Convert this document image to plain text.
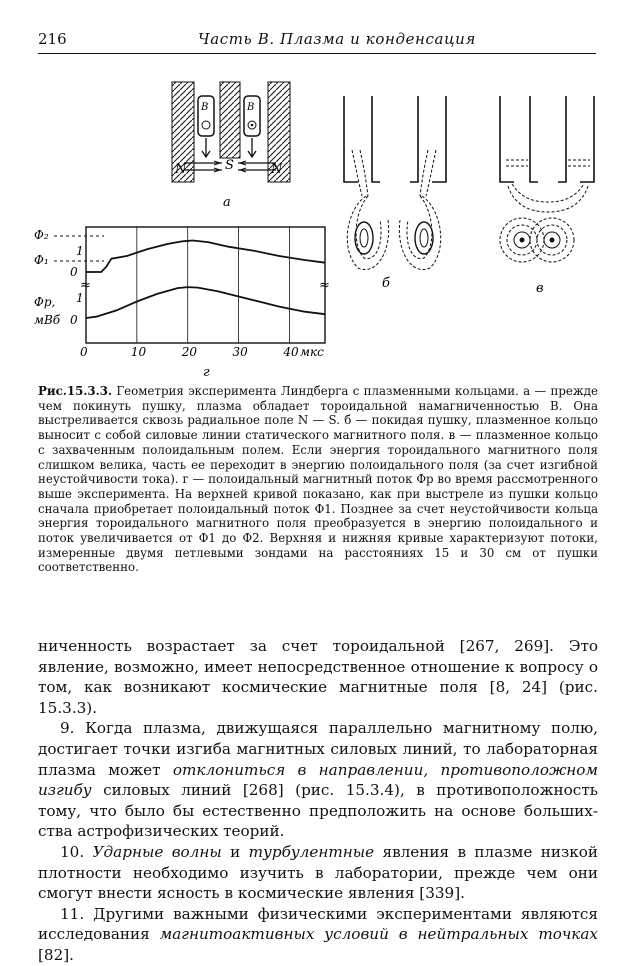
216	Часть В. Плазма и конденсация
B	B
N	S	N
а
б	в
Φ₂
Φ₁
1
0
Φp,
мВб
1
0
≈	≈
0	10	20	30	40 мкс
г
Рис.15.3.3. Геометрия эксперимента Линдберга с плазменными кольцами. а — прежде чем покинуть пушку, плазма обладает тороидальной намагниченностью B. Она выстреливается сквозь радиальное поле N — S. б — покидая пушку, плазменное кольцо выносит с собой силовые линии статического магнитного поля. в — плазменное кольцо с захваченным полоидальным полем. Если энергия тороидального магнитного поля слишком велика, часть ее переходит в энергию полоидального поля (за счет изгибной неустойчивости тока). г — полоидальный магнитный поток Φp во время рассмотренного выше эксперимента. На верхней кривой показано, как при выстреле из пушки кольцо сначала приобретает полоидальный поток Φ1. Позднее за счет неустойчивости кольца энергия тороидального магнитного поля преобразуется в энергию полоидального и поток увеличивается от Φ1 до Φ2. Верхняя и нижняя кривые характеризуют потоки, измеренные двумя петлевыми зондами на расстояниях 15 и 30 см от пушки соответственно.

ниченность возрастает за счет тороидальной [267, 269]. Это явление, возможно, имеет непосредственное отношение к вопросу о том, как возникают космические магнитные поля [8, 24] (рис. 15.3.3).

9. Когда плазма, движущаяся параллельно магнитному полю, достигает точки изгиба магнитных силовых линий, то лабораторная плазма может отклониться в направлении, противоположном изгибу силовых линий [268] (рис. 15.3.4), в противоположность тому, что было бы естественно предположить на основе большихства астрофизических теорий.

10. Ударные волны и турбулентные явления в плазме низкой плотности необходимо изучить в лаборатории, прежде чем они смогут внести ясность в космические явления [339].

11. Другими важными физическими экспериментами являются исследования магнитоактивных условий в нейтральных точках [82].
